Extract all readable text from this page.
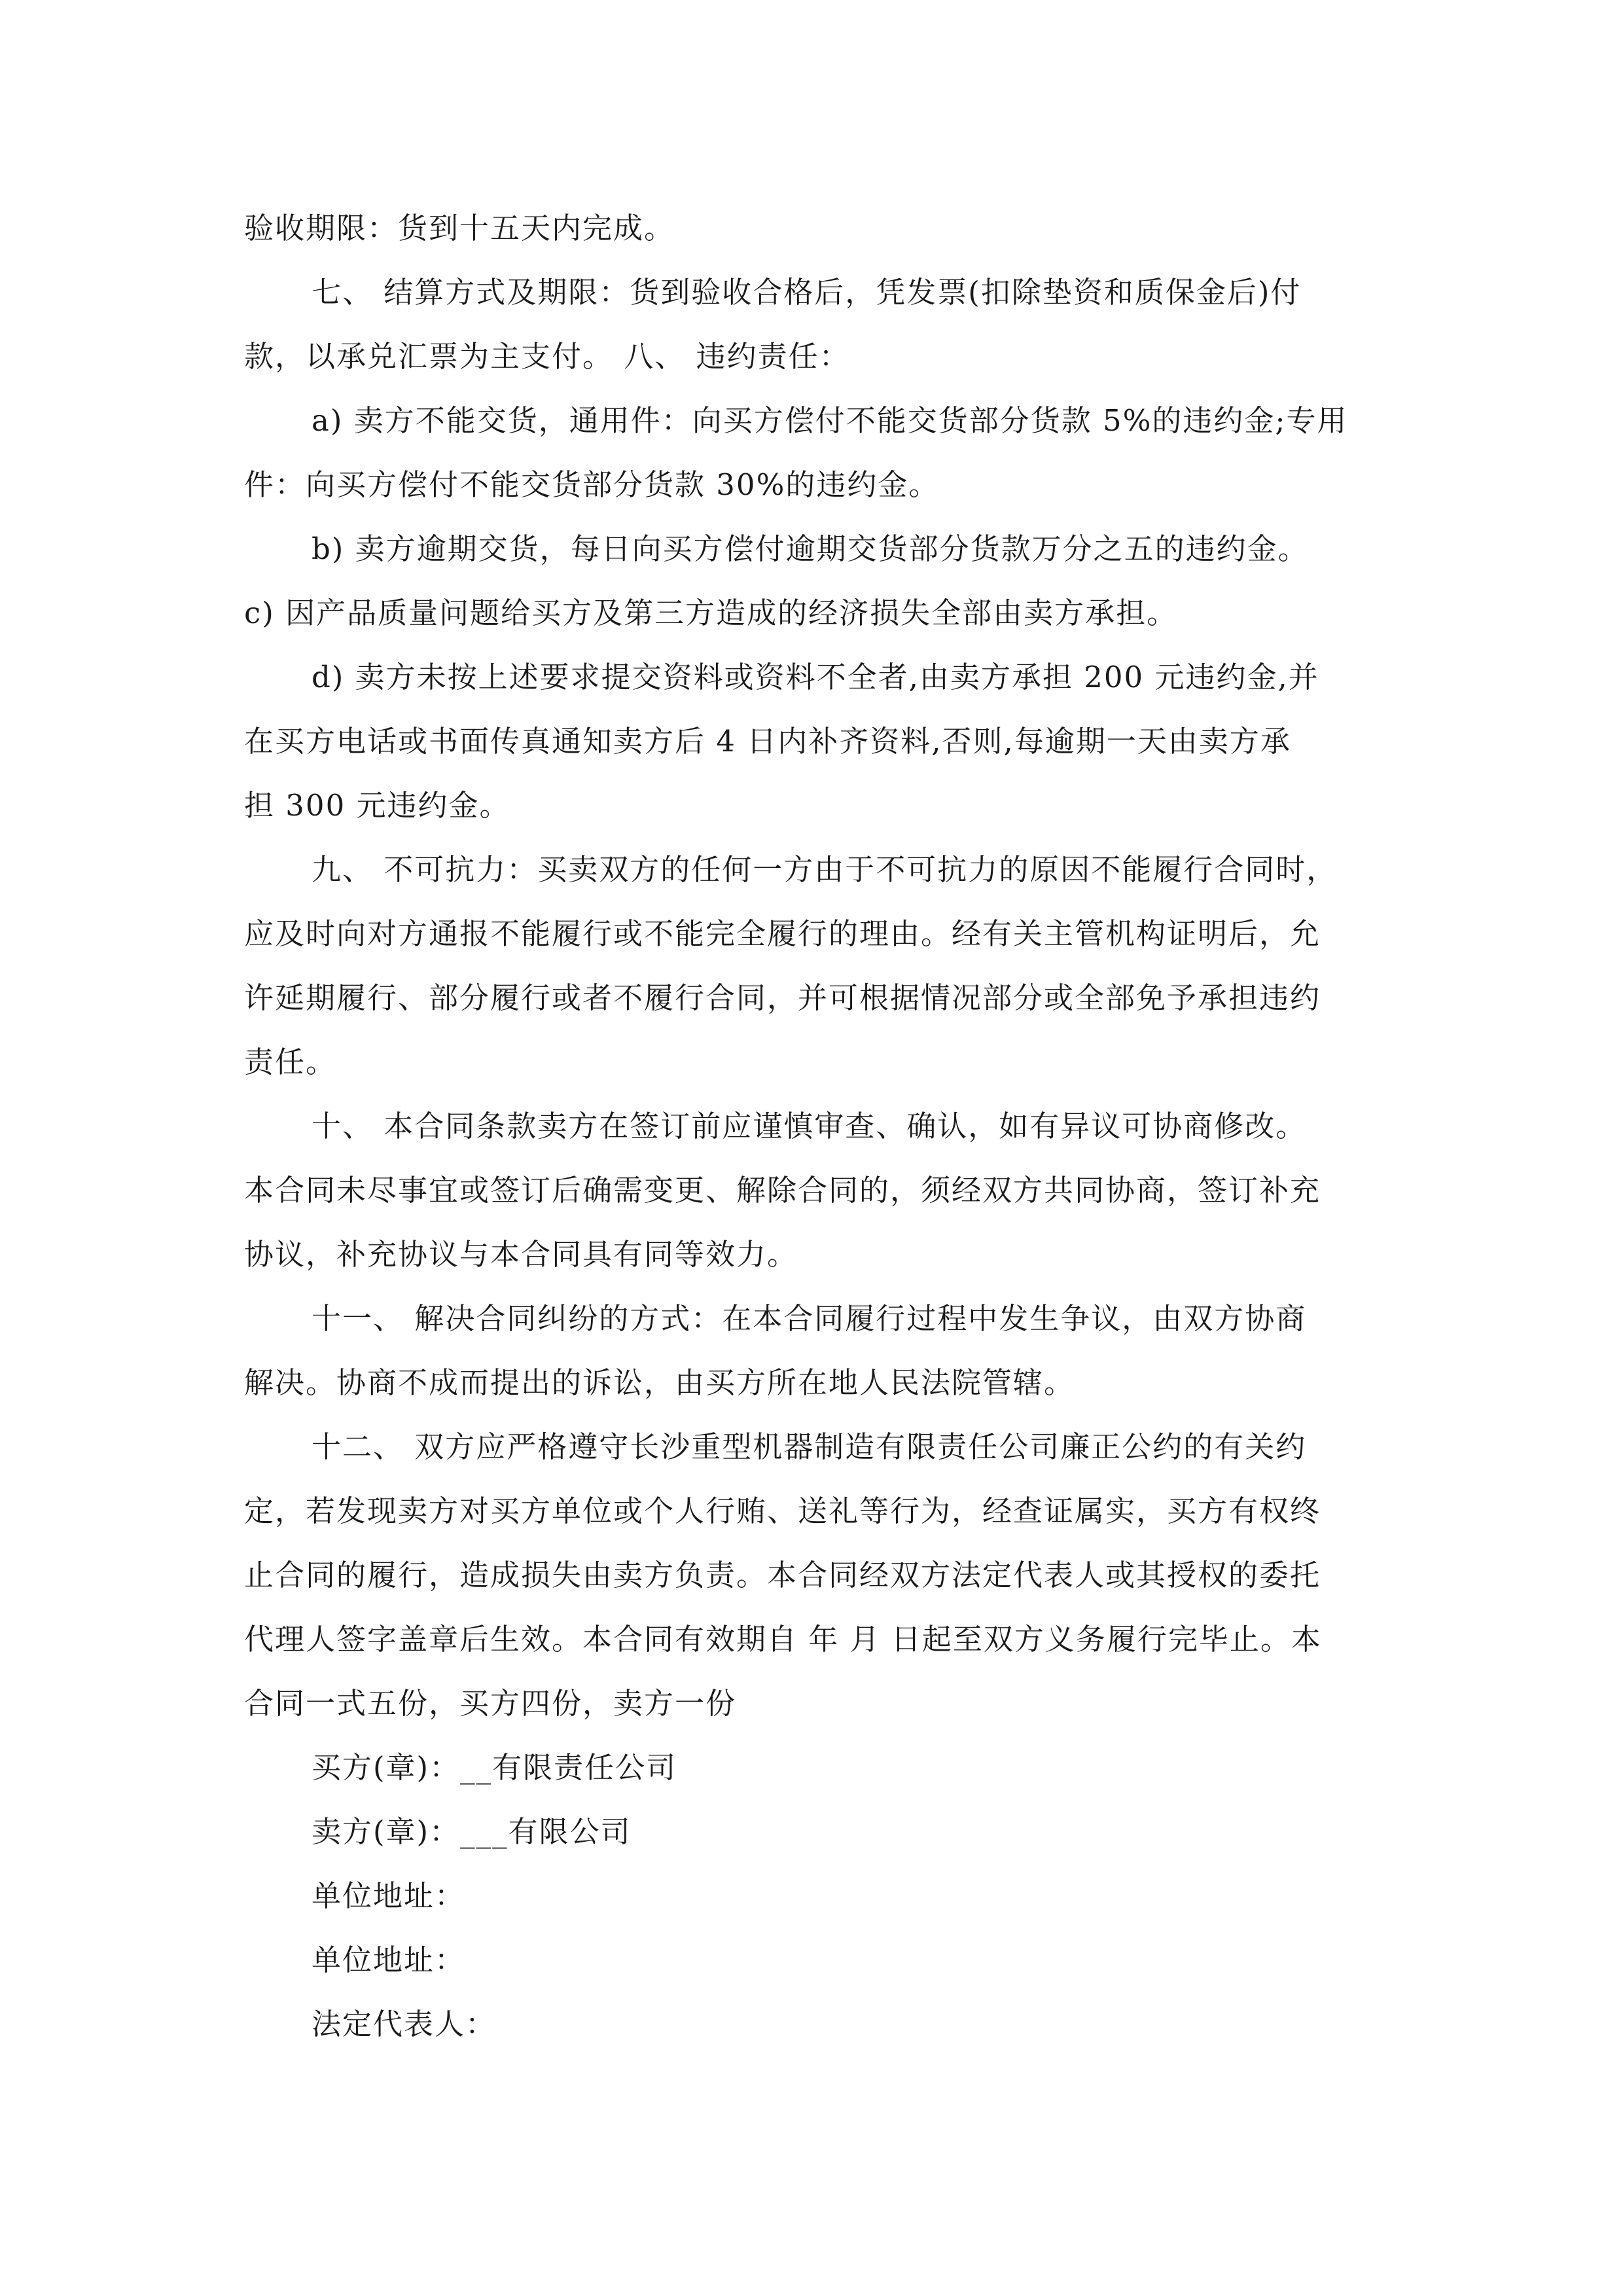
验收期限：货到十五天内完成。
七、 结算方式及期限：货到验收合格后，凭发票(扣除垫资和质保金后)付
款，以承兑汇票为主支付。 八、 违约责任：
a) 卖方不能交货，通用件：向买方偿付不能交货部分货款 5%的违约金;专用
件：向买方偿付不能交货部分货款 30%的违约金。
b) 卖方逾期交货，每日向买方偿付逾期交货部分货款万分之五的违约金。
c) 因产品质量问题给买方及第三方造成的经济损失全部由卖方承担。
d) 卖方未按上述要求提交资料或资料不全者,由卖方承担 200 元违约金,并
在买方电话或书面传真通知卖方后 4 日内补齐资料,否则,每逾期一天由卖方承
担 300 元违约金。
九、 不可抗力：买卖双方的任何一方由于不可抗力的原因不能履行合同时，
应及时向对方通报不能履行或不能完全履行的理由。经有关主管机构证明后，允
许延期履行、部分履行或者不履行合同，并可根据情况部分或全部免予承担违约
责任。
十、 本合同条款卖方在签订前应谨慎审查、确认，如有异议可协商修改。
本合同未尽事宜或签订后确需变更、解除合同的，须经双方共同协商，签订补充
协议，补充协议与本合同具有同等效力。
十一、 解决合同纠纷的方式：在本合同履行过程中发生争议，由双方协商
解决。协商不成而提出的诉讼，由买方所在地人民法院管辖。
十二、 双方应严格遵守长沙重型机器制造有限责任公司廉正公约的有关约
定，若发现卖方对买方单位或个人行贿、送礼等行为，经查证属实，买方有权终
止合同的履行，造成损失由卖方负责。本合同经双方法定代表人或其授权的委托
代理人签字盖章后生效。本合同有效期自 年 月 日起至双方义务履行完毕止。本
合同一式五份，买方四份，卖方一份
买方(章)：__有限责任公司
卖方(章)：___有限公司
单位地址：
单位地址：
法定代表人：
